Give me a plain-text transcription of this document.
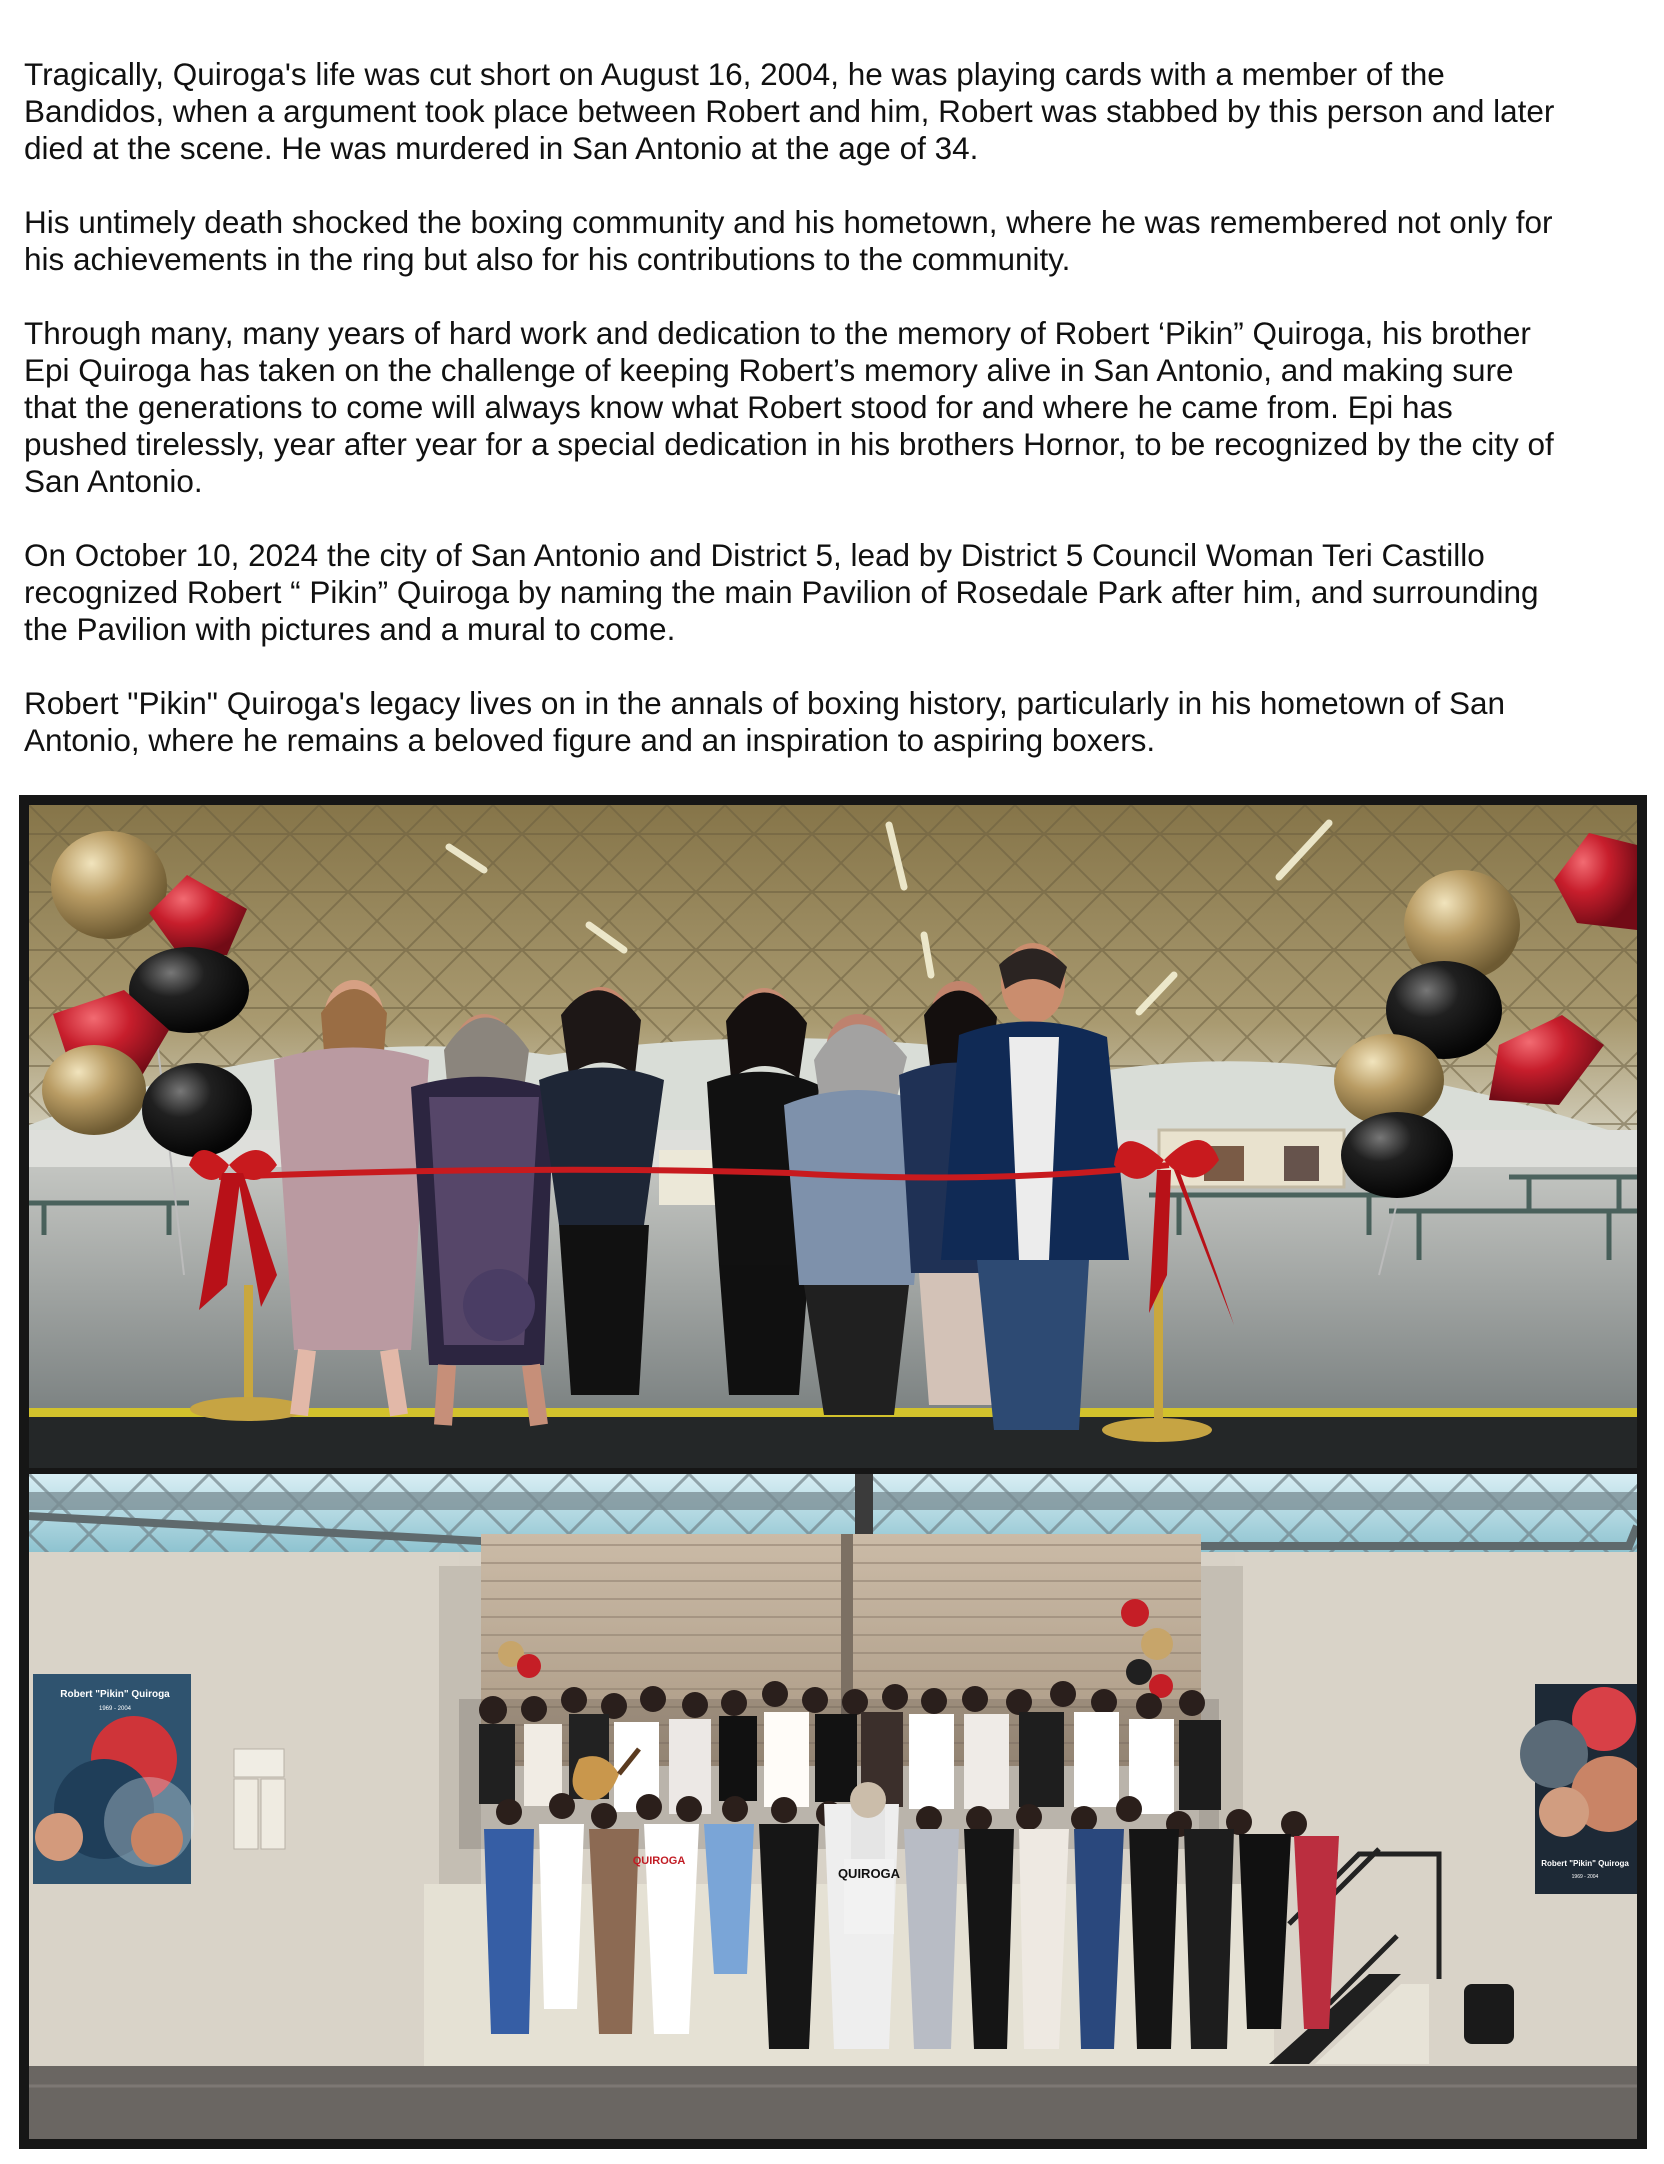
Tragically, Quiroga's life was cut short on August 16, 2004, he was playing cards with a member of the
Bandidos, when a argument took place between Robert and him, Robert was stabbed by this person and later
died at the scene. He was murdered in San Antonio at the age of 34.

His untimely death shocked the boxing community and his hometown, where he was remembered not only for
his achievements in the ring but also for his contributions to the community.

Through many, many years of hard work and dedication to the memory of Robert ‘Pikin” Quiroga, his brother
Epi Quiroga has taken on the challenge of keeping Robert’s memory alive in San Antonio, and making sure
that the generations to come will always know what Robert stood for and where he came from. Epi has
pushed tirelessly, year after year for a special dedication in his brothers Hornor, to be recognized by the city of
San Antonio.

On October 10, 2024 the city of San Antonio and District 5, lead by District 5 Council Woman Teri Castillo
recognized Robert “ Pikin” Quiroga by naming the main Pavilion of Rosedale Park after him, and surrounding
the Pavilion with pictures and a mural to come.

Robert "Pikin" Quiroga's legacy lives on in the annals of boxing history, particularly in his hometown of San
Antonio, where he remains a beloved figure and an inspiration to aspiring boxers.

Robert "Pikin" Quiroga
1969 - 2004
Robert "Pikin" Quiroga
1969 - 2004
QUIROGA
QUIROGA
